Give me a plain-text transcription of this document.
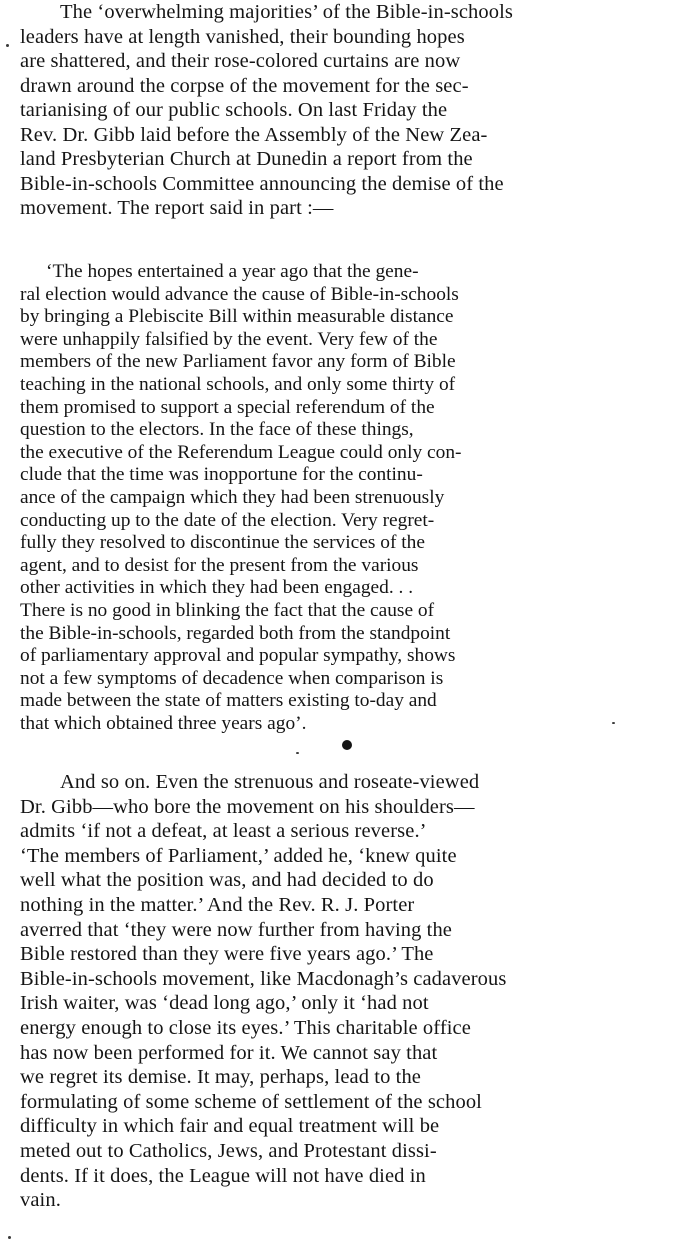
The ‘overwhelming majorities’ of the Bible-in-schools
leaders have at length vanished, their bounding hopes
are shattered, and their rose-colored curtains are now
drawn around the corpse of the movement for the sec-
tarianising of our public schools. On last Friday the
Rev. Dr. Gibb laid before the Assembly of the New Zea-
land Presbyterian Church at Dunedin a report from the
Bible-in-schools Committee announcing the demise of the
movement. The report said in part :—
‘The hopes entertained a year ago that the gene-
ral election would advance the cause of Bible-in-schools
by bringing a Plebiscite Bill within measurable distance
were unhappily falsified by the event. Very few of the
members of the new Parliament favor any form of Bible
teaching in the national schools, and only some thirty of
them promised to support a special referendum of the
question to the electors. In the face of these things,
the executive of the Referendum League could only con-
clude that the time was inopportune for the continu-
ance of the campaign which they had been strenuously
conducting up to the date of the election. Very regret-
fully they resolved to discontinue the services of the
agent, and to desist for the present from the various
other activities in which they had been engaged. . .
There is no good in blinking the fact that the cause of
the Bible-in-schools, regarded both from the standpoint
of parliamentary approval and popular sympathy, shows
not a few symptoms of decadence when comparison is
made between the state of matters existing to-day and
that which obtained three years ago’.
And so on. Even the strenuous and roseate-viewed
Dr. Gibb—who bore the movement on his shoulders—
admits ‘if not a defeat, at least a serious reverse.’
‘The members of Parliament,’ added he, ‘knew quite
well what the position was, and had decided to do
nothing in the matter.’ And the Rev. R. J. Porter
averred that ‘they were now further from having the
Bible restored than they were five years ago.’ The
Bible-in-schools movement, like Macdonagh’s cadaverous
Irish waiter, was ‘dead long ago,’ only it ‘had not
energy enough to close its eyes.’ This charitable office
has now been performed for it. We cannot say that
we regret its demise. It may, perhaps, lead to the
formulating of some scheme of settlement of the school
difficulty in which fair and equal treatment will be
meted out to Catholics, Jews, and Protestant dissi-
dents. If it does, the League will not have died in
vain.
